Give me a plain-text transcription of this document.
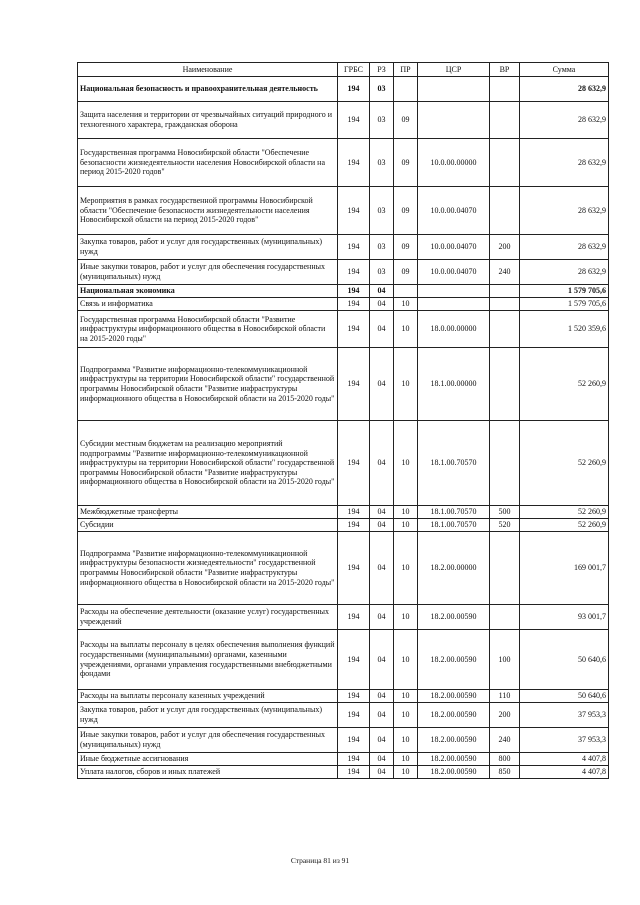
Наименование	ГРБС	РЗ	ПР	ЦСР	ВР	Сумма
Национальная безопасность и правоохранительная деятельность	194	03				28 632,9
Защита населения и территории от чрезвычайных ситуаций природного и техногенного характера, гражданская оборона	194	03	09			28 632,9
Государственная программа Новосибирской области "Обеспечение безопасности жизнедеятельности населения Новосибирской области на период 2015-2020 годов"	194	03	09	10.0.00.00000		28 632,9
Мероприятия в рамках государственной программы Новосибирской области "Обеспечение безопасности жизнедеятельности населения Новосибирской области на период 2015-2020 годов"	194	03	09	10.0.00.04070		28 632,9
Закупка товаров, работ и услуг для государственных (муниципальных) нужд	194	03	09	10.0.00.04070	200	28 632,9
Иные закупки товаров, работ и услуг для обеспечения государственных (муниципальных) нужд	194	03	09	10.0.00.04070	240	28 632,9
Национальная экономика	194	04				1 579 705,6
Связь и информатика	194	04	10			1 579 705,6
Государственная программа Новосибирской области "Развитие инфраструктуры информационного общества в Новосибирской области на 2015-2020 годы"	194	04	10	18.0.00.00000		1 520 359,6
Подпрограмма "Развитие информационно-телекоммуникационной инфраструктуры на территории Новосибирской области" государственной программы Новосибирской области "Развитие инфраструктуры информационного общества в Новосибирской области на 2015-2020 годы"	194	04	10	18.1.00.00000		52 260,9
Субсидии местным бюджетам на реализацию мероприятий подпрограммы "Развитие информационно-телекоммуникационной инфраструктуры на территории Новосибирской области" государственной программы Новосибирской области "Развитие инфраструктуры информационного общества в Новосибирской области на 2015-2020 годы"	194	04	10	18.1.00.70570		52 260,9
Межбюджетные трансферты	194	04	10	18.1.00.70570	500	52 260,9
Субсидии	194	04	10	18.1.00.70570	520	52 260,9
Подпрограмма "Развитие информационно-телекоммуникационной инфраструктуры безопасности жизнедеятельности" государственной программы Новосибирской области "Развитие инфраструктуры информационного общества в Новосибирской области на 2015-2020 годы"	194	04	10	18.2.00.00000		169 001,7
Расходы на обеспечение деятельности (оказание услуг) государственных учреждений	194	04	10	18.2.00.00590		93 001,7
Расходы на выплаты персоналу в целях обеспечения выполнения функций государственными (муниципальными) органами, казенными учреждениями, органами управления государственными внебюджетными фондами	194	04	10	18.2.00.00590	100	50 640,6
Расходы на выплаты персоналу казенных учреждений	194	04	10	18.2.00.00590	110	50 640,6
Закупка товаров, работ и услуг для государственных (муниципальных) нужд	194	04	10	18.2.00.00590	200	37 953,3
Иные закупки товаров, работ и услуг для обеспечения государственных (муниципальных) нужд	194	04	10	18.2.00.00590	240	37 953,3
Иные бюджетные ассигнования	194	04	10	18.2.00.00590	800	4 407,8
Уплата налогов, сборов и иных платежей	194	04	10	18.2.00.00590	850	4 407,8
Страница 81 из 91
